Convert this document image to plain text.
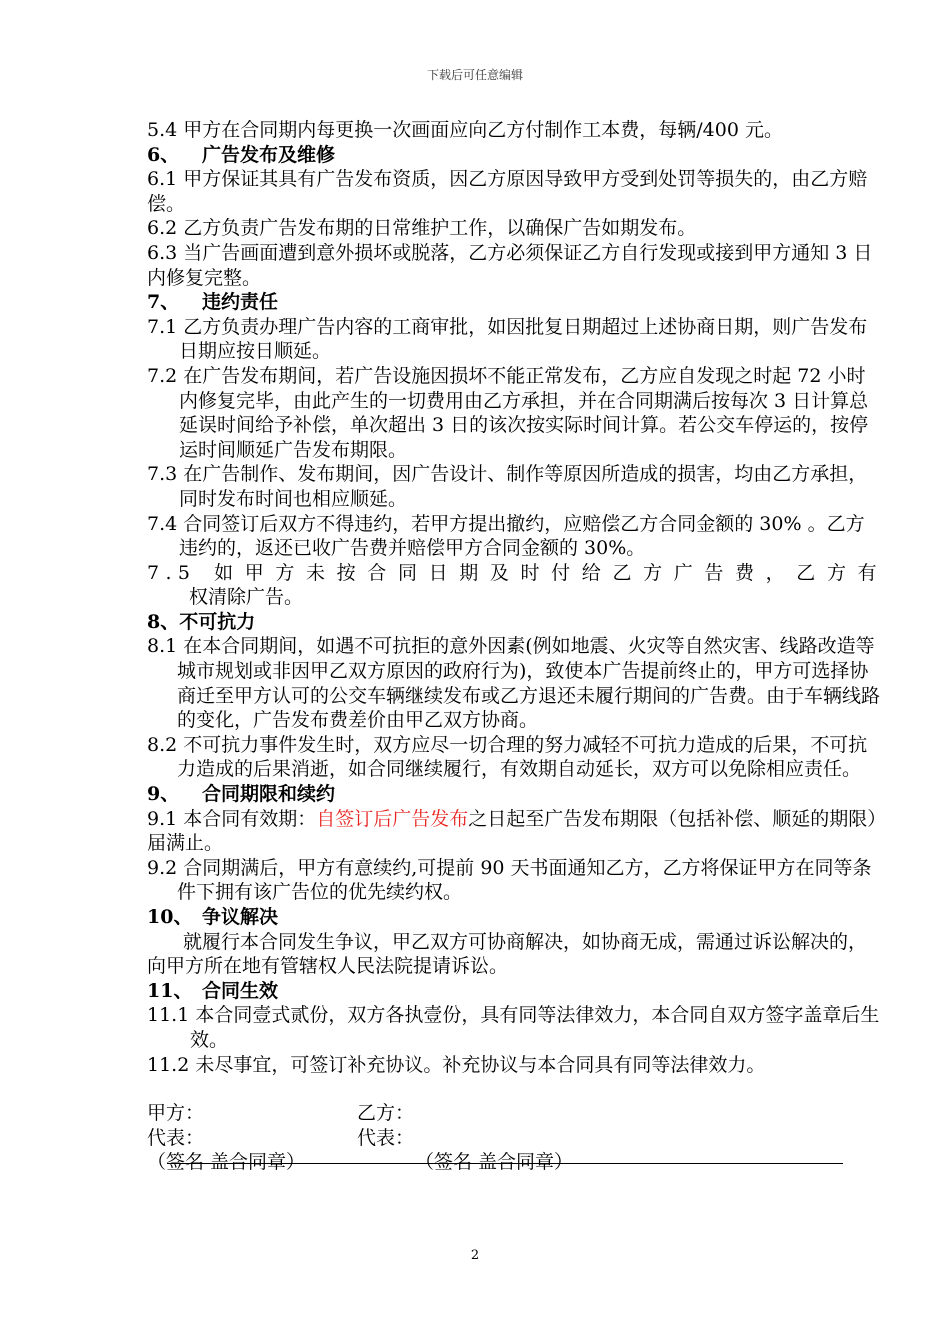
下载后可任意编辑

5.4 甲方在合同期内每更换一次画面应向乙方付制作工本费，每辆/400 元。

6、 广告发布及维修

6.1 甲方保证其具有广告发布资质，因乙方原因导致甲方受到处罚等损失的，由乙方赔偿。

6.2 乙方负责广告发布期的日常维护工作，以确保广告如期发布。

6.3 当广告画面遭到意外损坏或脱落，乙方必须保证乙方自行发现或接到甲方通知 3 日内修复完整。

7、 违约责任

7.1 乙方负责办理广告内容的工商审批，如因批复日期超过上述协商日期，则广告发布日期应按日顺延。

7.2 在广告发布期间，若广告设施因损坏不能正常发布，乙方应自发现之时起 72 小时内修复完毕，由此产生的一切费用由乙方承担，并在合同期满后按每次 3 日计算总延误时间给予补偿，单次超出 3 日的该次按实际时间计算。若公交车停运的，按停运时间顺延广告发布期限。

7.3 在广告制作、发布期间，因广告设计、制作等原因所造成的损害，均由乙方承担，同时发布时间也相应顺延。

7.4 合同签订后双方不得违约，若甲方提出撤约，应赔偿乙方合同金额的 30% 。乙方违约的，返还已收广告费并赔偿甲方合同金额的 30%。

7.5 如甲方未按合同日期及时付给乙方广告费，乙方有

权清除广告。

8、不可抗力

8.1 在本合同期间，如遇不可抗拒的意外因素(例如地震、火灾等自然灾害、线路改造等城市规划或非因甲乙双方原因的政府行为)，致使本广告提前终止的，甲方可选择协商迁至甲方认可的公交车辆继续发布或乙方退还未履行期间的广告费。由于车辆线路的变化，广告发布费差价由甲乙双方协商。

8.2 不可抗力事件发生时，双方应尽一切合理的努力减轻不可抗力造成的后果，不可抗力造成的后果消逝，如合同继续履行，有效期自动延长，双方可以免除相应责任。

9、 合同期限和续约

9.1 本合同有效期：自签订后广告发布之日起至广告发布期限（包括补偿、顺延的期限）届满止。

9.2 合同期满后，甲方有意续约,可提前 90 天书面通知乙方，乙方将保证甲方在同等条件下拥有该广告位的优先续约权。

10、 争议解决

就履行本合同发生争议，甲乙双方可协商解决，如协商无成，需通过诉讼解决的，向甲方所在地有管辖权人民法院提请诉讼。

11、 合同生效

11.1 本合同壹式贰份，双方各执壹份，具有同等法律效力，本合同自双方签字盖章后生效。

11.2 未尽事宜，可签订补充协议。补充协议与本合同具有同等法律效力。

甲方：	乙方：
代表：	代表：
（签名 盖合同章）	（签名 盖合同章）
2
